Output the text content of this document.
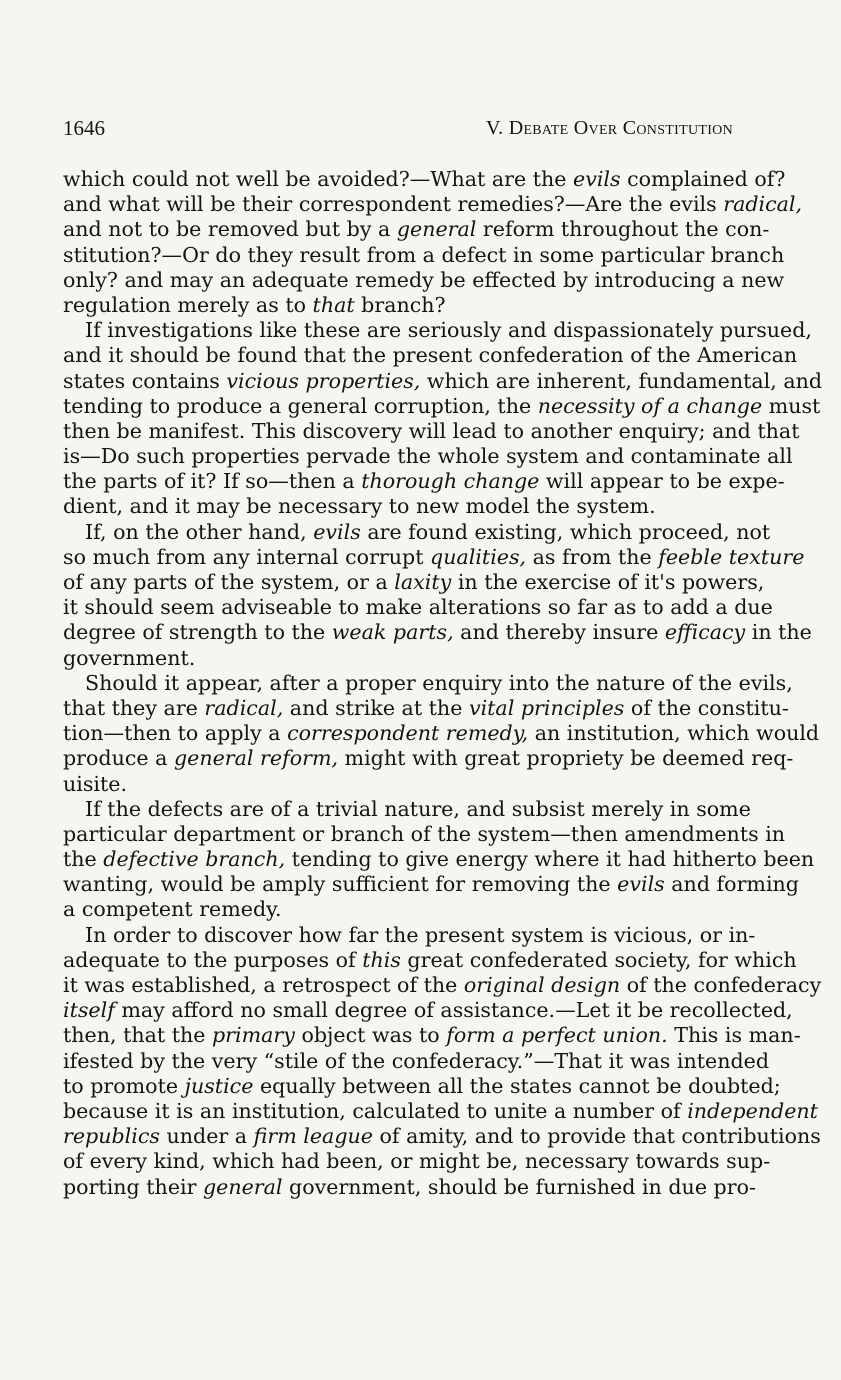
1646	V. Debate Over Constitution
which could not well be avoided?—What are the evils complained of?
and what will be their correspondent remedies?—Are the evils radical,
and not to be removed but by a general reform throughout the con-
stitution?—Or do they result from a defect in some particular branch
only? and may an adequate remedy be effected by introducing a new
regulation merely as to that branch?
If investigations like these are seriously and dispassionately pursued,
and it should be found that the present confederation of the American
states contains vicious properties, which are inherent, fundamental, and
tending to produce a general corruption, the necessity of a change must
then be manifest. This discovery will lead to another enquiry; and that
is—Do such properties pervade the whole system and contaminate all
the parts of it? If so—then a thorough change will appear to be expe-
dient, and it may be necessary to new model the system.
If, on the other hand, evils are found existing, which proceed, not
so much from any internal corrupt qualities, as from the feeble texture
of any parts of the system, or a laxity in the exercise of it's powers,
it should seem adviseable to make alterations so far as to add a due
degree of strength to the weak parts, and thereby insure efficacy in the
government.
Should it appear, after a proper enquiry into the nature of the evils,
that they are radical, and strike at the vital principles of the constitu-
tion—then to apply a correspondent remedy, an institution, which would
produce a general reform, might with great propriety be deemed req-
uisite.
If the defects are of a trivial nature, and subsist merely in some
particular department or branch of the system—then amendments in
the defective branch, tending to give energy where it had hitherto been
wanting, would be amply sufficient for removing the evils and forming
a competent remedy.
In order to discover how far the present system is vicious, or in-
adequate to the purposes of this great confederated society, for which
it was established, a retrospect of the original design of the confederacy
itself may afford no small degree of assistance.—Let it be recollected,
then, that the primary object was to form a perfect union. This is man-
ifested by the very “stile of the confederacy.”—That it was intended
to promote justice equally between all the states cannot be doubted;
because it is an institution, calculated to unite a number of independent
republics under a firm league of amity, and to provide that contributions
of every kind, which had been, or might be, necessary towards sup-
porting their general government, should be furnished in due pro-
